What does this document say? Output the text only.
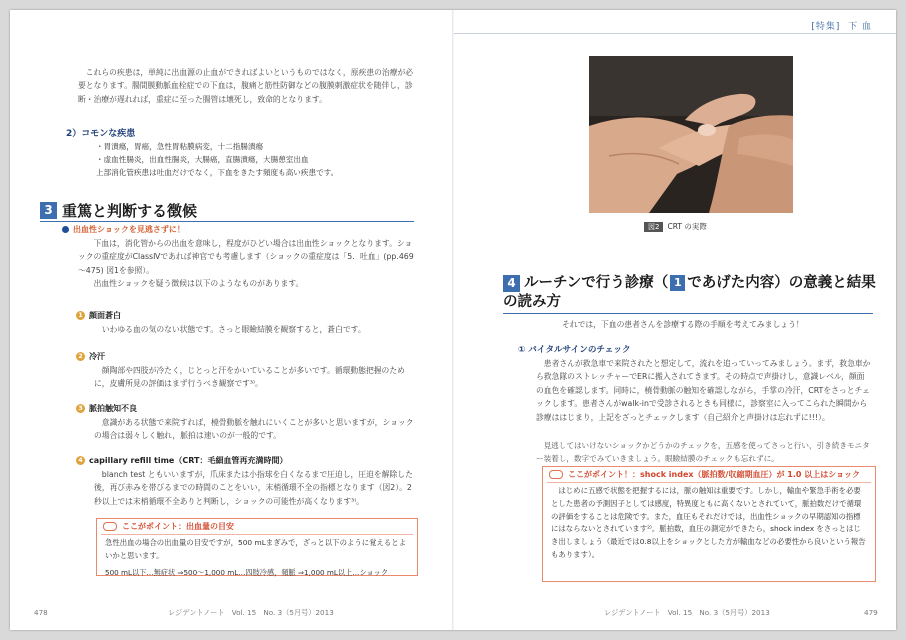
これらの疾患は，単純に出血源の止血ができればよいというものではなく，原疾患の治療が必要となります。腸間膜動脈血栓症での下血は，腹痛と筋性防御などの腹膜刺激症状を随伴し，診断・治療が遅れれば，重症に至った腸管は壊死し，致命的となります。

2）コモンな疾患
・胃潰瘍，胃癌，急性胃粘膜病変，十二指腸潰瘍
・虚血性腸炎，出血性腸炎，大腸癌，直腸潰瘍，大腸憩室出血
上部消化管疾患は吐血だけでなく，下血をきたす頻度も高い疾患です。
3 重篤と判断する徴候
出血性ショックを見逃さずに！

下血は，消化管からの出血を意味し，程度がひどい場合は出血性ショックとなります。ショックの重症度がClassⅣであれば神官でも考慮します（ショックの重症度は「5．吐血」(pp.469～475) 図1を参照）。

出血性ショックを疑う徴候は以下のようなものがあります。

1 顔面蒼白

いわゆる血の気のない状態です。さっと眼瞼結膜を観察すると，蒼白です。

2 冷汗

顔陶部や四肢が冷たく，じとっと汗をかいていることが多いです。循環動態把握のために，皮膚所見の評価はまず行うべき観察です³⁾。

3 脈拍触知不良

意識がある状態で来院すれば，橈骨動脈を触れにいくことが多いと思いますが，ショックの場合は弱々しく触れ，脈拍は速いのが一般的です。

4 capillary refill time（CRT：毛細血管再充満時間）

blanch test ともいいますが，爪床または小指球を白くなるまで圧迫し，圧迫を解除した後，再び赤みを帯びるまでの時間のことをいい，末梢循環不全の指標となります（図2）。2秒以上では末梢循環不全ありと判断し，ショックの可能性が高くなります³⁾。

ここがポイント：出血量の目安

急性出血の場合の出血量の目安ですが，500 mLまぎみで，ざっと以下のように覚えるとよいかと思います。

500 mL以下…無症状 ⇒500～1,000 mL…四肢冷感，頻脈 ⇒1,000 mL以上…ショック

478	レジデントノート　Vol. 15　No. 3（5月号）2013
[特集] 下 血
図2 CRT の実際
4 ルーチンで行う診療（ 1 であげた内容）の意義と結果の読み方

それでは，下血の患者さんを診療する際の手順を考えてみましょう！

① バイタルサインのチェック

患者さんが救急車で来院されたと想定して，流れを追っていってみましょう。まず，救急車から救急隊のストレッチャーでERに搬入されてきます。その時点で声掛けし，意識レベル，顔面の血色を確認します。同時に，橈骨動脈の触知を確認しながら，手掌の冷汗，CRTをさっとチェックします。患者さんがwalk-inで受診されるときも同様に，診察室に入ってこられた瞬間から診療ははじまり，上記をざっとチェックします（自己紹介と声掛けは忘れずに!!!）。

見逃してはいけないショックかどうかのチェックを，五感を使ってさっと行い，引き続きモニター装着し，数字でみていきましょう。眼瞼結膜のチェックも忘れずに。

ここがポイント！：shock index（脈拍数/収縮期血圧）が 1.0 以上はショック

はじめに五感で状態を把握するには，脈の触知は重要です。しかし，輸血や緊急手術を必要とした患者の予測因子としては感度，特異度ともに高くないとされていて，脈拍数だけで循環の評価をすることは危険です。また，血圧もそれだけでは，出血性ショックの早期認知の指標にはならないとされています²⁾。脈拍数，血圧の測定ができたら，shock index をさっとはじき出しましょう（最近では0.8以上をショックとした方が輸血などの必要性から良いという報告もあります）。

レジデントノート　Vol. 15　No. 3（5月号）2013	479
